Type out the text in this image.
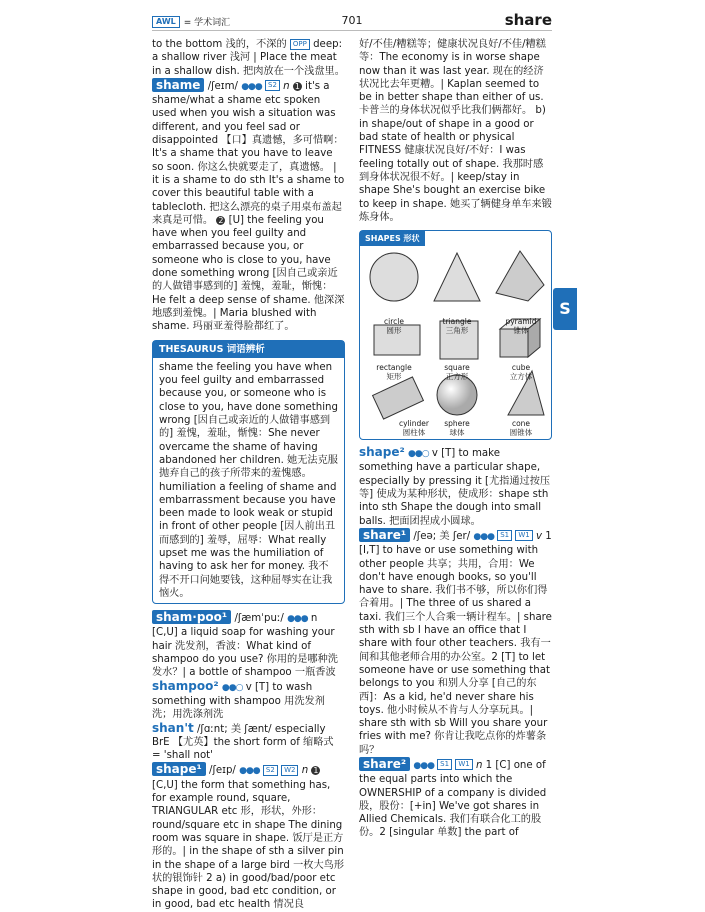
AWL = 学术词汇	701	share

to the bottom 浅的，不深的 OPP deep: a shallow river 浅河 | Place the meat in a shallow dish. 把肉放在一个浅盘里。

shame /ʃeɪm/ ●●● S2 n 1 it's a shame/what a shame etc spoken used when you wish a situation was different, and you feel sad or disappointed 【口】真遗憾，多可惜啊：It's a shame that you have to leave so soon. 你这么快就要走了，真遗憾。 | it is a shame to do sth It's a shame to cover this beautiful table with a tablecloth. 把这么漂亮的桌子用桌布盖起来真是可惜。 2 [U] the feeling you have when you feel guilty and embarrassed because you, or someone who is close to you, have done something wrong [因自己或亲近的人做错事感到的] 羞愧，羞耻，惭愧：He felt a deep sense of shame. 他深深地感到羞愧。| Maria blushed with shame. 玛丽亚羞得脸都红了。

THESAURUS 词语辨析

shame the feeling you have when you feel guilty and embarrassed because you, or someone who is close to you, have done something wrong [因自己或亲近的人做错事感到的] 羞愧，羞耻，惭愧：She never overcame the shame of having abandoned her children. 她无法克服抛弃自己的孩子所带来的羞愧感。

humiliation a feeling of shame and embarrassment because you have been made to look weak or stupid in front of other people [因人前出丑而感到的] 羞辱，屈辱：What really upset me was the humiliation of having to ask her for money. 我不得不开口问她要钱，这种屈辱实在让我恼火。

sham·poo¹ /ʃæmˈpuː/ ●●● n [C,U] a liquid soap for washing your hair 洗发剂，香波：What kind of shampoo do you use? 你用的是哪种洗发水？| a bottle of shampoo 一瓶香波

shampoo² ●●○ v [T] to wash something with shampoo 用洗发剂洗；用洗涤剂洗

shan't /ʃɑːnt; 美 ʃænt/ especially BrE 【尤英】the short form of 缩略式 = 'shall not'

shape¹ /ʃeɪp/ ●●● S2 W2 n 1 [C,U] the form that something has, for example round, square, TRIANGULAR etc 形，形状，外形：round/square etc in shape The dining room was square in shape. 饭厅是正方形的。| in the shape of sth a silver pin in the shape of a large bird 一枚大鸟形状的银饰针 2 a) in good/bad/poor etc shape in good, bad etc condition, or in good, bad etc health 情况良

好/不佳/糟糕等；健康状况良好/不佳/糟糕等：The economy is in worse shape now than it was last year. 现在的经济状况比去年更糟。| Kaplan seemed to be in better shape than either of us. 卡普兰的身体状况似乎比我们俩都好。 b) in shape/out of shape in a good or bad state of health or physical FITNESS 健康状况良好/不好：I was feeling totally out of shape. 我那时感到身体状况很不好。| keep/stay in shape She's bought an exercise bike to keep in shape. 她买了辆健身单车来锻炼身体。

SHAPES 形状
circle
圆形
triangle
三角形
pyramid
锥体
rectangle
矩形
square
正方形
cube
立方体
cylinder
圆柱体
sphere
球体
cone
圆锥体

shape² ●●○ v [T] to make something have a particular shape, especially by pressing it [尤指通过按压等] 使成为某种形状，使成形：shape sth into sth Shape the dough into small balls. 把面团捏成小圆球。

share¹ /ʃeə; 美 ʃer/ ●●● S1 W1 v 1 [I,T] to have or use something with other people 共享；共用，合用：We don't have enough books, so you'll have to share. 我们书不够，所以你们得合着用。| The three of us shared a taxi. 我们三个人合乘一辆计程车。| share sth with sb I have an office that I share with four other teachers. 我有一间和其他老师合用的办公室。2 [T] to let someone have or use something that belongs to you 和别人分享 [自己的东西]：As a kid, he'd never share his toys. 他小时候从不肯与人分享玩具。| share sth with sb Will you share your fries with me? 你肯让我吃点你的炸薯条吗？

share² ●●● S1 W1 n 1 [C] one of the equal parts into which the OWNERSHIP of a company is divided 股，股份：[+in] We've got shares in Allied Chemicals. 我们有联合化工的股份。2 [singular 单数] the part of

S
